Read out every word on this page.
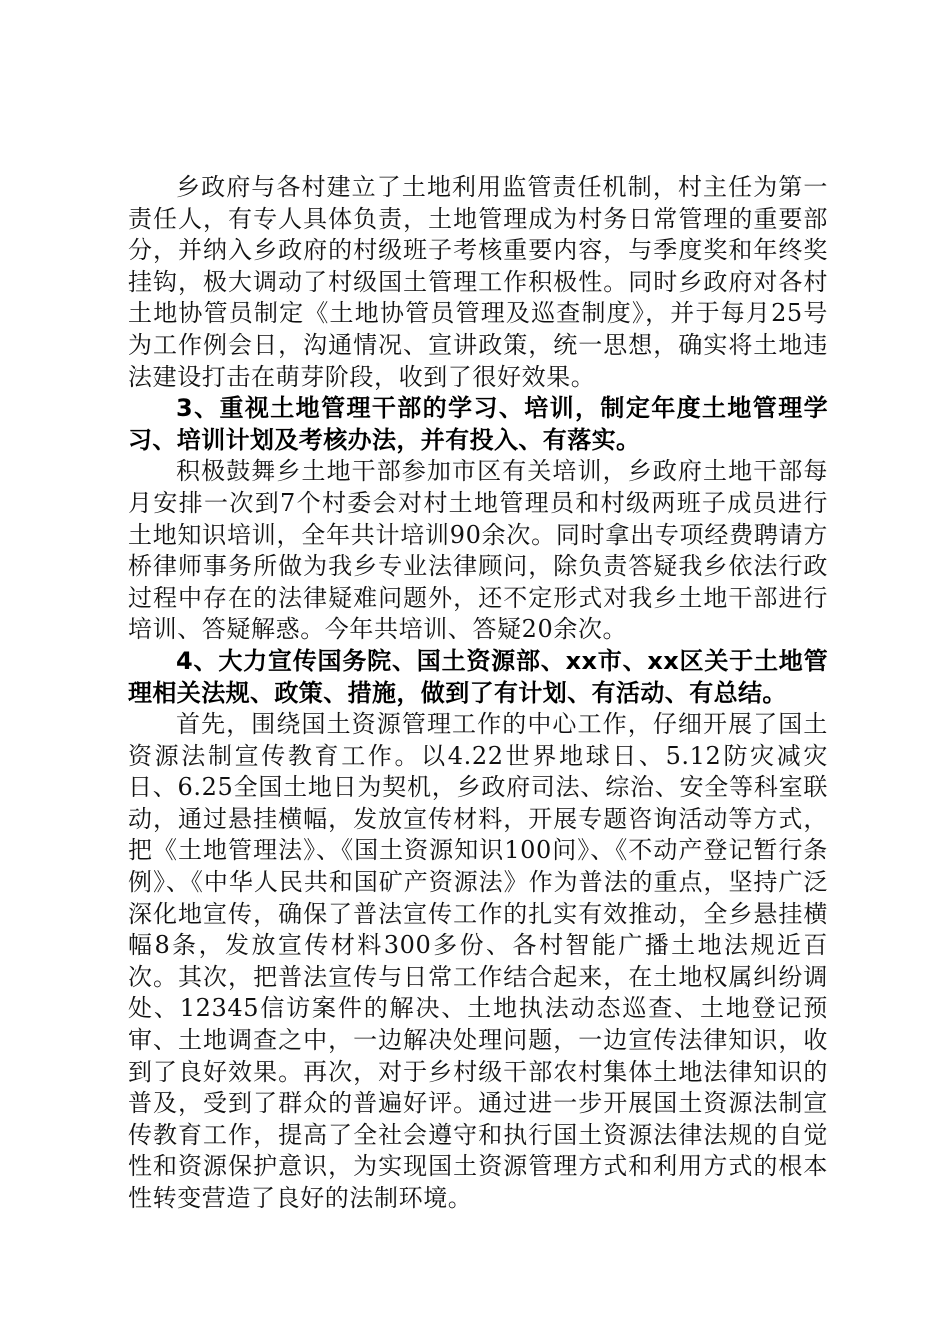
乡政府与各村建立了土地利用监管责任机制，村主任为第一责任人，有专人具体负责，土地管理成为村务日常管理的重要部分，并纳入乡政府的村级班子考核重要内容，与季度奖和年终奖挂钩，极大调动了村级国土管理工作积极性。同时乡政府对各村土地协管员制定《土地协管员管理及巡查制度》，并于每月25号为工作例会日，沟通情况、宣讲政策，统一思想，确实将土地违法建设打击在萌芽阶段，收到了很好效果。

3、重视土地管理干部的学习、培训，制定年度土地管理学习、培训计划及考核办法，并有投入、有落实。

积极鼓舞乡土地干部参加市区有关培训，乡政府土地干部每月安排一次到7个村委会对村土地管理员和村级两班子成员进行土地知识培训，全年共计培训90余次。同时拿出专项经费聘请方桥律师事务所做为我乡专业法律顾问，除负责答疑我乡依法行政过程中存在的法律疑难问题外，还不定形式对我乡土地干部进行培训、答疑解惑。今年共培训、答疑20余次。

4、大力宣传国务院、国土资源部、xx市、xx区关于土地管理相关法规、政策、措施，做到了有计划、有活动、有总结。

首先，围绕国土资源管理工作的中心工作，仔细开展了国土资源法制宣传教育工作。以4.22世界地球日、5.12防灾减灾日、6.25全国土地日为契机，乡政府司法、综治、安全等科室联动，通过悬挂横幅，发放宣传材料，开展专题咨询活动等方式，把《土地管理法》、《国土资源知识100问》、《不动产登记暂行条例》、《中华人民共和国矿产资源法》作为普法的重点，坚持广泛深化地宣传，确保了普法宣传工作的扎实有效推动，全乡悬挂横幅8条，发放宣传材料300多份、各村智能广播土地法规近百次。其次，把普法宣传与日常工作结合起来，在土地权属纠纷调处、12345信访案件的解决、土地执法动态巡查、土地登记预审、土地调查之中，一边解决处理问题，一边宣传法律知识，收到了良好效果。再次，对于乡村级干部农村集体土地法律知识的普及，受到了群众的普遍好评。通过进一步开展国土资源法制宣传教育工作，提高了全社会遵守和执行国土资源法律法规的自觉性和资源保护意识，为实现国土资源管理方式和利用方式的根本性转变营造了良好的法制环境。
